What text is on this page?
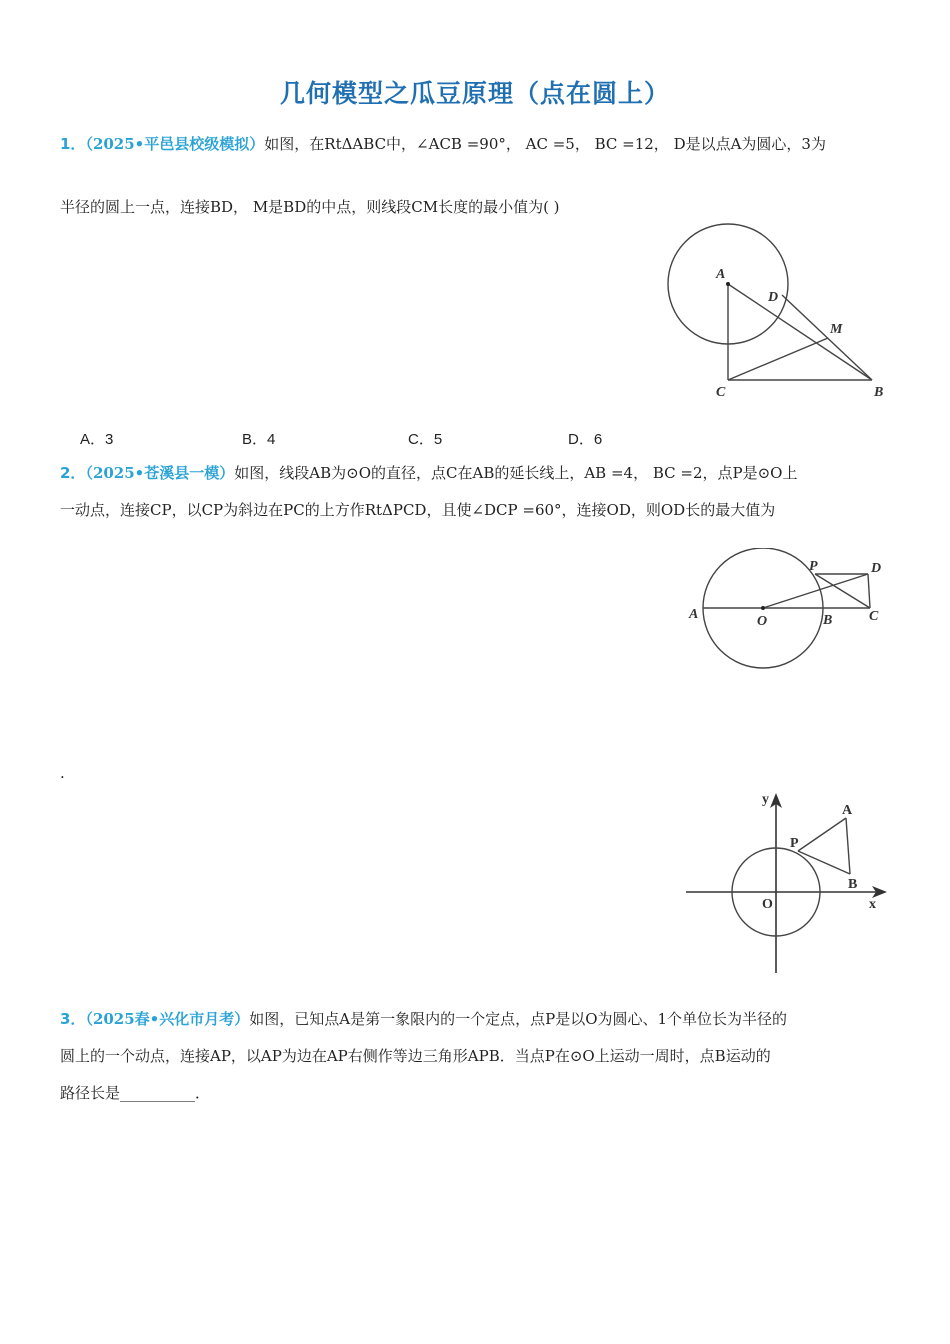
几何模型之瓜豆原理（点在圆上）
1．（2025•平邑县校级模拟）如图，在RtΔABC中，∠ACB =90°， AC =5， BC =12， D是以点A为圆心，3为
半径的圆上一点，连接BD， M是BD的中点，则线段CM长度的最小值为( )
A
D
M
C	B
A．3	B．4	C．5	D．6
2．（2025•苍溪县一模）如图，线段AB为⊙O的直径，点C在AB的延长线上，AB =4， BC =2，点P是⊙O上
一动点，连接CP，以CP为斜边在PC的上方作RtΔPCD，且使∠DCP =60°，连接OD，则OD长的最大值为
P	D
A	O	B	C
.
y
A
P
B
O	x
3．（2025春•兴化市月考）如图，已知点A是第一象限内的一个定点，点P是以O为圆心、1个单位长为半径的
圆上的一个动点，连接AP，以AP为边在AP右侧作等边三角形APB．当点P在⊙O上运动一周时，点B运动的
路径长是__________．
